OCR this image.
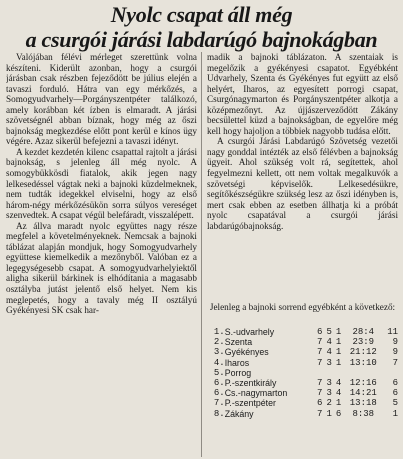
Nyolc csapat áll még
a csurgói járási labdarúgó bajnokágban

Valójában félévi mérleget szerettünk volna készíteni. Kiderült azonban, hogy a csurgói járásban csak részben fejeződött be július elején a tavaszi forduló. Hátra van egy mérkőzés, a Somogyudvarhely—Porgányszentpéter találkozó, amely korábban két ízben is elmaradt. A járási szövetségnél abban bíznak, hogy még az őszi bajnokság megkezdése előtt pont kerül e kínos ügy végére. Azaz sikerül befejezni a tavaszi idényt.

A kezdet kezdetén kilenc csapattal rajtolt a járási bajnokság, s jelenleg áll még nyolc. A somogybükkösdi fiatalok, akik jegen nagy lelkesedéssel vágtak neki a bajnoki küzdelmeknek, nem tudták idegekkel elviselni, hogy az első három-négy mérkőzésükön sorra súlyos vereséget szenvedtek. A csapat végül belefáradt, visszalépett.

Az állva maradt nyolc együttes nagy része megfelel a követelményeknek. Nemcsak a bajnoki táblázat alapján mondjuk, hogy Somogyudvarhely együttese kiemelkedik a mezőnyből. Valóban ez a legegységesebb csapat. A somogyudvarhelyiektől aligha sikerül bárkinek is elhódítania a magasabb osztályba jutást jelentő első helyet. Nem kis meglepetés, hogy a tavaly még II osztályú Gyékényesi SK csak har-

madik a bajnoki táblázaton. A szentaiak is megelőzik a gyékényesi csapatot. Egyébként Udvarhely, Szenta és Gyékényes fut együtt az első helyért, Iharos, az egyesített porrogi csapat, Csurgónagymarton és Porgányszentpéter alkotja a középmezőnyt. Az újjászerveződött Zákány becsülettel küzd a bajnokságban, de egyelőre még kell hogy hajoljon a többiek nagyobb tudása előtt.

A csurgói Járási Labdarúgó Szövetség vezetői nagy gonddal intézték az első félévben a bajnokság ügyeit. Ahol szükség volt rá, segítettek, ahol fegyelmezni kellett, ott nem voltak megalkuvók a szövetségi képviselők. Lelkesedésükre, segítőkészségükre szükség lesz az őszi idényben is, mert csak ebben az esetben állhatja ki a próbát nyolc csapatával a csurgói járási labdarúgóbajnokság.

Jelenleg a bajnoki sorrend egyébként a következő:
1.	S.-udvarhely	6	5	1	28:4	11
2.	Szenta	7	4	1	23:9	9
3.	Gyékényes	7	4	1	21:12	9
4.	Iharos	7	3	1	13:10	7
5.	Porrog					
6.	P.-szentkirály	7	3	4	12:16	6
6.	Cs.-nagymarton	7	3	4	14:21	6
7.	P.-szentpéter	6	2	1	13:18	5
8.	Zákány	7	1	6	8:38	1
